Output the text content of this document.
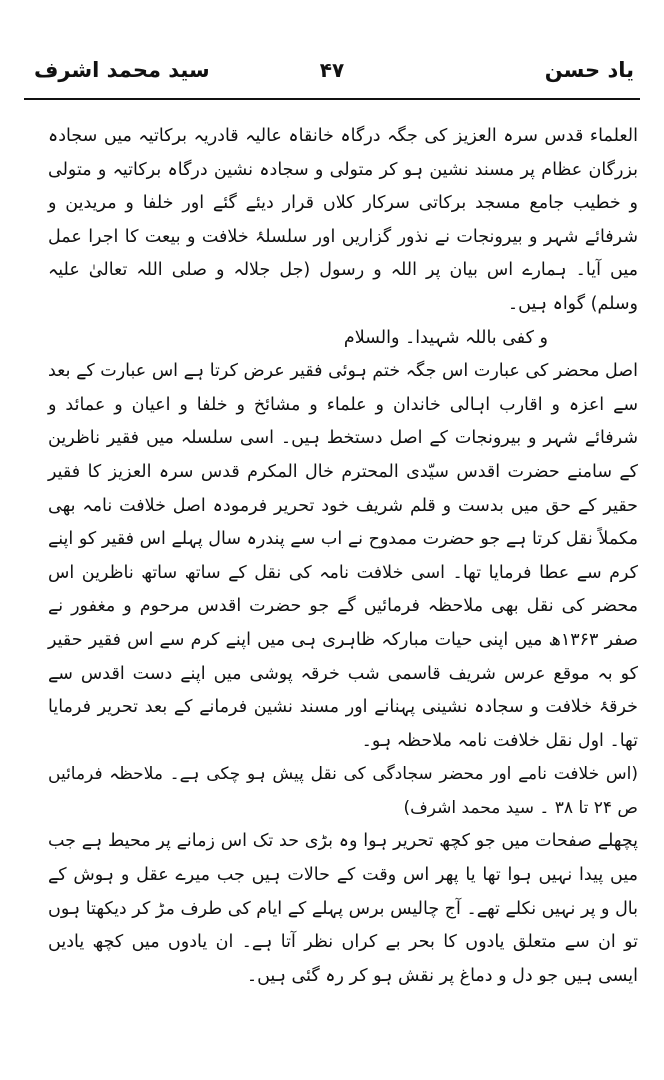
یاد حسن
۴۷
سید محمد اشرف

العلماء قدس سرہ العزیز کی جگہ درگاہ خانقاہ عالیہ قادریہ برکاتیہ میں سجادہ بزرگان عظام پر مسند نشین ہو کر متولی و سجادہ نشین درگاہ برکاتیہ و متولی و خطیب جامع مسجد برکاتی سرکار کلاں قرار دیئے گئے اور خلفا و مریدین و شرفائے شہر و بیرونجات نے نذور گزاریں اور سلسلۂ خلافت و بیعت کا اجرا عمل میں آیا۔ ہمارے اس بیان پر اللہ و رسول (جل جلالہ و صلی اللہ تعالیٰ علیہ وسلم) گواہ ہیں۔

و کفی باللہ شہیدا۔ والسلام

اصل محضر کی عبارت اس جگہ ختم ہوئی فقیر عرض کرتا ہے اس عبارت کے بعد سے اعزہ و اقارب اہالی خاندان و علماء و مشائخ و خلفا و اعیان و عمائد و شرفائے شہر و بیرونجات کے اصل دستخط ہیں۔ اسی سلسلہ میں فقیر ناظرین کے سامنے حضرت اقدس سیّدی المحترم خال المکرم قدس سرہ العزیز کا فقیر حقیر کے حق میں بدست و قلم شریف خود تحریر فرمودہ اصل خلافت نامہ بھی مکملاً نقل کرتا ہے جو حضرت ممدوح نے اب سے پندرہ سال پہلے اس فقیر کو اپنے کرم سے عطا فرمایا تھا۔ اسی خلافت نامہ کی نقل کے ساتھ ساتھ ناظرین اس محضر کی نقل بھی ملاحظہ فرمائیں گے جو حضرت اقدس مرحوم و مغفور نے صفر ۱۳۶۳ھ میں اپنی حیات مبارکہ ظاہری ہی میں اپنے کرم سے اس فقیر حقیر کو بہ موقع عرس شریف قاسمی شب خرقہ پوشی میں اپنے دست اقدس سے خرقۂ خلافت و سجادہ نشینی پہنانے اور مسند نشین فرمانے کے بعد تحریر فرمایا تھا۔ اول نقل خلافت نامہ ملاحظہ ہو۔

(اس خلافت نامے اور محضر سجادگی کی نقل پیش ہو چکی ہے۔ ملاحظہ فرمائیں ص ۲۴ تا ۳۸ ۔ سید محمد اشرف)

پچھلے صفحات میں جو کچھ تحریر ہوا وہ بڑی حد تک اس زمانے پر محیط ہے جب میں پیدا نہیں ہوا تھا یا پھر اس وقت کے حالات ہیں جب میرے عقل و ہوش کے بال و پر نہیں نکلے تھے۔ آج چالیس برس پہلے کے ایام کی طرف مڑ کر دیکھتا ہوں تو ان سے متعلق یادوں کا بحر بے کراں نظر آتا ہے۔ ان یادوں میں کچھ یادیں ایسی ہیں جو دل و دماغ پر نقش ہو کر رہ گئی ہیں۔
